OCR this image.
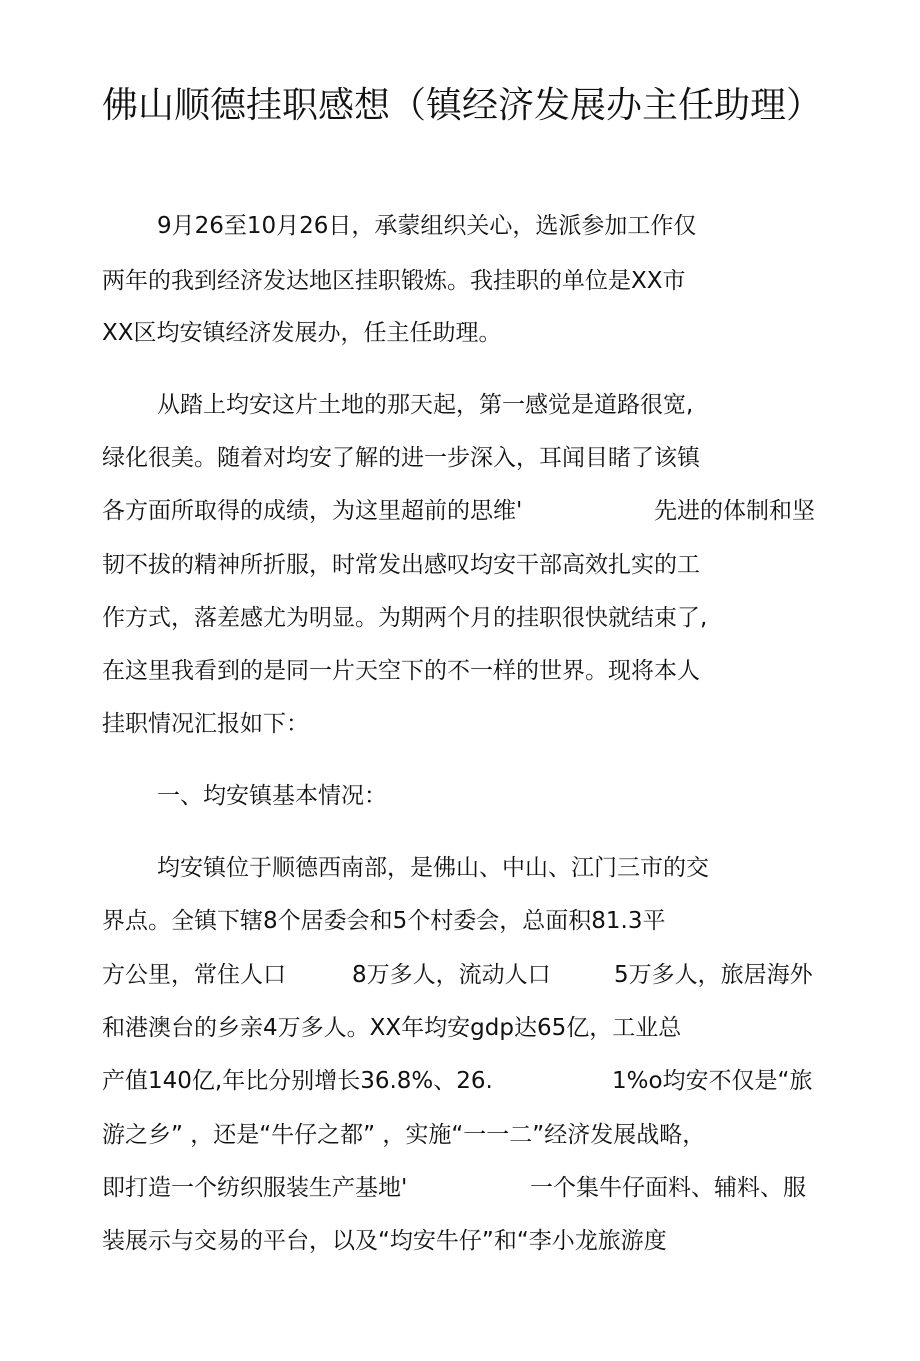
佛山顺德挂职感想（镇经济发展办主任助理）
9月26至10月26日，承蒙组织关心，选派参加工作仅
两年的我到经济发达地区挂职锻炼。我挂职的单位是XX市
XX区均安镇经济发展办，任主任助理。
从踏上均安这片土地的那天起，第一感觉是道路很宽,
绿化很美。随着对均安了解的进一步深入，耳闻目睹了该镇
各方面所取得的成绩，为这里超前的思维'	先进的体制和坚
韧不拔的精神所折服，时常发出感叹均安干部高效扎实的工
作方式，落差感尤为明显。为期两个月的挂职很快就结束了,
在这里我看到的是同一片天空下的不一样的世界。现将本人
挂职情况汇报如下：
一、均安镇基本情况：
均安镇位于顺德西南部，是佛山、中山、江门三市的交
界点。全镇下辖8个居委会和5个村委会，总面积81.3平
方公里，常住人口	8万多人，流动人口	5万多人，旅居海外
和港澳台的乡亲4万多人。XX年均安gdp达65亿，工业总
产值140亿,年比分别增长36.8%、26.	1%o均安不仅是“旅
游之乡” ，还是“牛仔之都” ，实施“一一二”经济发展战略，
即打造一个纺织服装生产基地'	一个集牛仔面料、辅料、服
装展示与交易的平台，以及“均安牛仔”和“李小龙旅游度
